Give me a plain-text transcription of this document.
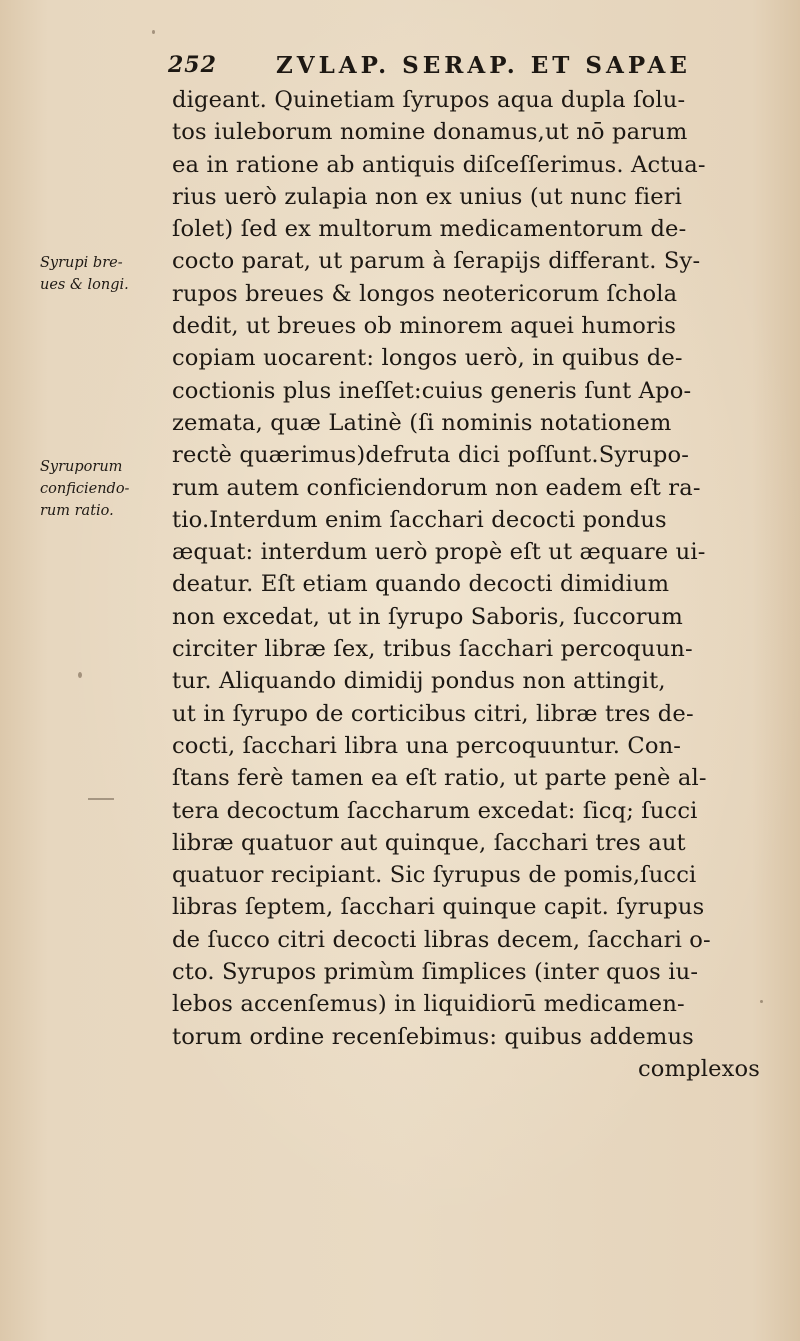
252	ZVLAP. SERAP. ET SAPAE
Syrupi bre-
ues & longi.
Syruporum
conficiendo-
rum ratio.
digeant. Quinetiam ſyrupos aqua dupla ſolu-
tos iuleborum nomine donamus,ut nō parum
ea in ratione ab antiquis diſceſſerimus. Actua-
rius uerò zulapia non ex unius (ut nunc fieri
ſolet) ſed ex multorum medicamentorum de-
cocto parat, ut parum à ſerapijs differant. Sy-
rupos breues & longos neotericorum ſchola
dedit, ut breues ob minorem aquei humoris
copiam uocarent: longos uerò, in quibus de-
coctionis plus ineſſet:cuius generis ſunt Apo-
zemata, quæ Latinè (ſi nominis notationem
rectè quærimus)defruta dici poſſunt.Syrupo-
rum autem conficiendorum non eadem eſt ra-
tio.Interdum enim ſacchari decocti pondus
æquat: interdum uerò propè eſt ut æquare ui-
deatur. Eſt etiam quando decocti dimidium
non excedat, ut in ſyrupo Saboris, ſuccorum
circiter libræ ſex, tribus ſacchari percoquun-
tur. Aliquando dimidij pondus non attingit,
ut in ſyrupo de corticibus citri, libræ tres de-
cocti, ſacchari libra una percoquuntur. Con-
ſtans ferè tamen ea eſt ratio, ut parte penè al-
tera decoctum ſaccharum excedat: ſicq; ſucci
libræ quatuor aut quinque, ſacchari tres aut
quatuor recipiant. Sic ſyrupus de pomis,ſucci
libras ſeptem, ſacchari quinque capit. ſyrupus
de ſucco citri decocti libras decem, ſacchari o-
cto. Syrupos primùm ſimplices (inter quos iu-
lebos accenſemus) in liquidiorū medicamen-
torum ordine recenſebimus: quibus addemus
complexos
